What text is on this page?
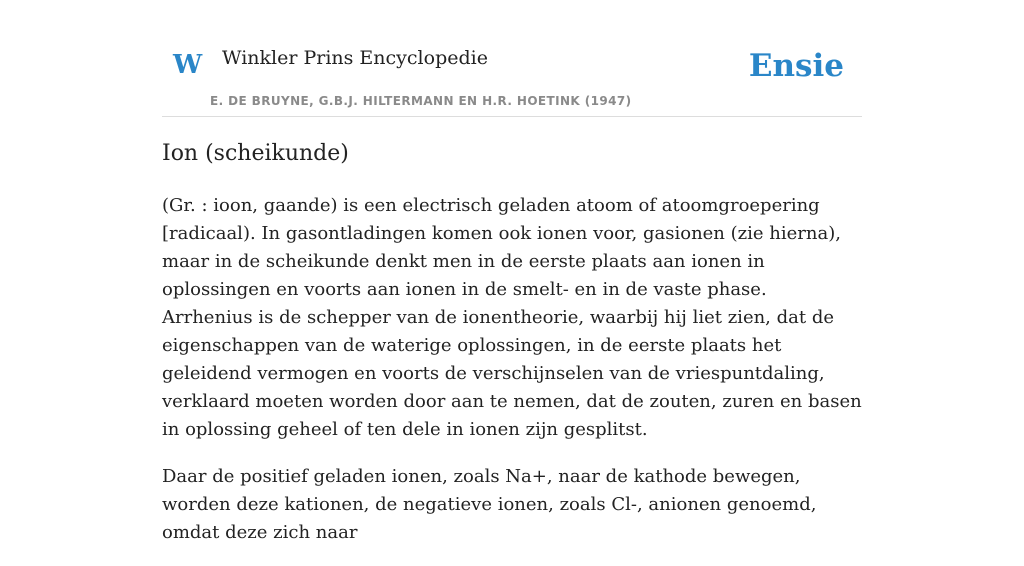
W Winkler Prins Encyclopedie
E. DE BRUYNE, G.B.J. HILTERMANN EN H.R. HOETINK (1947)
Ensie
Ion (scheikunde)

(Gr. : ioon, gaande) is een electrisch geladen atoom of atoomgroepering [radicaal). In gasontladingen komen ook ionen voor, gasionen (zie hierna), maar in de scheikunde denkt men in de eerste plaats aan ionen in oplossingen en voorts aan ionen in de smelt- en in de vaste phase. Arrhenius is de schepper van de ionentheorie, waarbij hij liet zien, dat de eigenschappen van de waterige oplossingen, in de eerste plaats het geleidend vermogen en voorts de verschijnselen van de vriespuntdaling, verklaard moeten worden door aan te nemen, dat de zouten, zuren en basen in oplossing geheel of ten dele in ionen zijn gesplitst.

Daar de positief geladen ionen, zoals Na+, naar de kathode bewegen, worden deze kationen, de negatieve ionen, zoals Cl-, anionen genoemd, omdat deze zich naar
